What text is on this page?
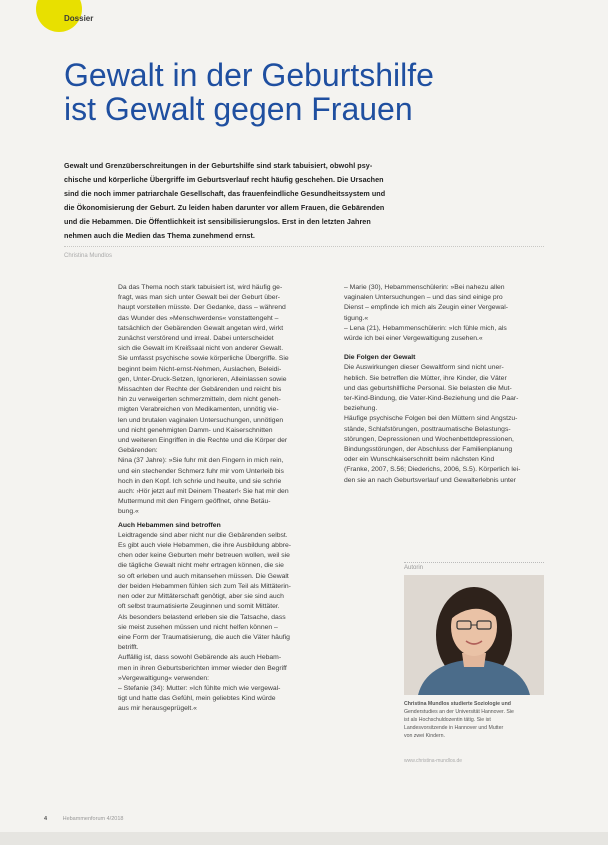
Dossier
Gewalt in der Geburtshilfe
ist Gewalt gegen Frauen
Gewalt und Grenzüberschreitungen in der Geburtshilfe sind stark tabuisiert, obwohl psy-
chische und körperliche Übergriffe im Geburtsverlauf recht häufig geschehen. Die Ursachen
sind die noch immer patriarchale Gesellschaft, das frauenfeindliche Gesundheitssystem und
die Ökonomisierung der Geburt. Zu leiden haben darunter vor allem Frauen, die Gebärenden
und die Hebammen. Die Öffentlichkeit ist sensibilisierungslos. Erst in den letzten Jahren
nehmen auch die Medien das Thema zunehmend ernst.
Christina Mundlos
Da das Thema noch stark tabuisiert ist, wird häufig ge-
fragt, was man sich unter Gewalt bei der Geburt über-
haupt vorstellen müsste. Der Gedanke, dass – während
das Wunder des »Menschwerdens« vonstattengeht –
tatsächlich der Gebärenden Gewalt angetan wird, wirkt
zunächst verstörend und irreal. Dabei unterscheidet
sich die Gewalt im Kreißsaal nicht von anderer Gewalt.
Sie umfasst psychische sowie körperliche Übergriffe. Sie
beginnt beim Nicht-ernst-Nehmen, Auslachen, Beleidi-
gen, Unter-Druck-Setzen, Ignorieren, Alleinlassen sowie
Missachten der Rechte der Gebärenden und reicht bis
hin zu verweigerten schmerzmitteln, dem nicht geneh-
migten Verabreichen von Medikamenten, unnötig vie-
len und brutalen vaginalen Untersuchungen, unnötigen
und nicht genehmigten Damm- und Kaiserschnitten
und weiteren Eingriffen in die Rechte und die Körper der
Gebärenden:
Nina (37 Jahre): »Sie fuhr mit den Fingern in mich rein,
und ein stechender Schmerz fuhr mir vom Unterleib bis
hoch in den Kopf. Ich schrie und heulte, und sie schrie
auch: ›Hör jetzt auf mit Deinem Theater!‹ Sie hat mir den
Muttermund mit den Fingern geöffnet, ohne Betäu-
bung.«
Auch Hebammen sind betroffen
Leidtragende sind aber nicht nur die Gebärenden selbst.
Es gibt auch viele Hebammen, die ihre Ausbildung abbre-
chen oder keine Geburten mehr betreuen wollen, weil sie
die tägliche Gewalt nicht mehr ertragen können, die sie
so oft erleben und auch mitansehen müssen. Die Gewalt
der beiden Hebammen fühlen sich zum Teil als Mittäterin-
nen oder zur Mittäterschaft genötigt, aber sie sind auch
oft selbst traumatisierte Zeuginnen und somit Mittäter.
Als besonders belastend erleben sie die Tatsache, dass
sie meist zusehen müssen und nicht helfen können –
eine Form der Traumatisierung, die auch die Väter häufig
betrifft.
Auffällig ist, dass sowohl Gebärende als auch Hebam-
men in ihren Geburtsberichten immer wieder den Begriff
»Vergewaltigung« verwenden:
– Stefanie (34): Mutter: »Ich fühlte mich wie vergewal-
tigt und hatte das Gefühl, mein geliebtes Kind würde
aus mir herausgeprügelt.«
– Marie (30), Hebammenschülerin: »Bei nahezu allen
vaginalen Untersuchungen – und das sind einige pro
Dienst – empfinde ich mich als Zeugin einer Vergewal-
tigung.«
– Lena (21), Hebammenschülerin: »Ich fühle mich, als
würde ich bei einer Vergewaltigung zusehen.«
Die Folgen der Gewalt
Die Auswirkungen dieser Gewaltform sind nicht uner-
heblich. Sie betreffen die Mütter, ihre Kinder, die Väter
und das geburtshilfliche Personal. Sie belasten die Mut-
ter-Kind-Bindung, die Vater-Kind-Beziehung und die Paar-
beziehung.
Häufige psychische Folgen bei den Müttern sind Angstzu-
stände, Schlafstörungen, posttraumatische Belastungs-
störungen, Depressionen und Wochenbettdepressionen,
Bindungsstörungen, der Abschluss der Familienplanung
oder ein Wunschkaiserschnitt beim nächsten Kind
(Franke, 2007, S.56; Diederichs, 2006, S.5). Körperlich lei-
den sie an nach Geburtsverlauf und Gewalterlebnis unter
Autorin
Christina Mundlos studierte Soziologie und
Genderstudies an der Universität Hannover. Sie
ist als Hochschuldozentin tätig. Sie ist
Landesvorsitzende in Hannover und Mutter
von zwei Kindern.
www.christina-mundlos.de
4	Hebammenforum 4/2018
